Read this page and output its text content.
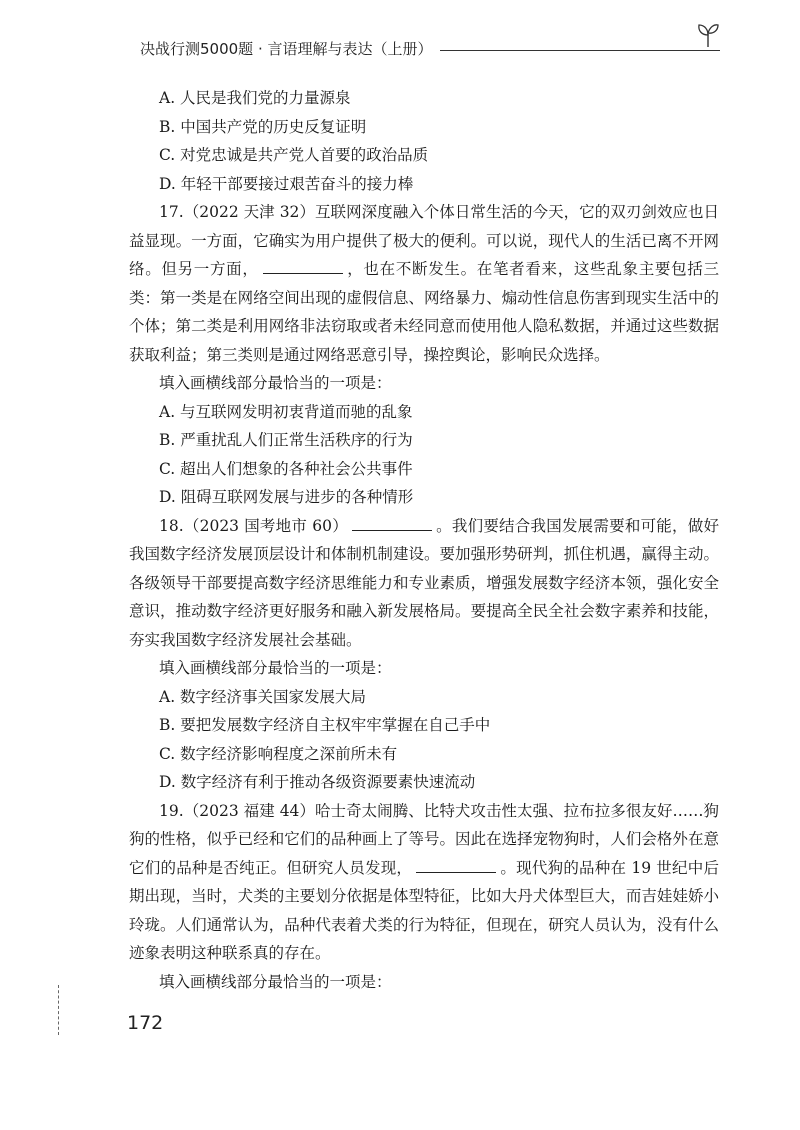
决战行测5000题 · 言语理解与表达（上册）
A. 人民是我们党的力量源泉
B. 中国共产党的历史反复证明
C. 对党忠诚是共产党人首要的政治品质
D. 年轻干部要接过艰苦奋斗的接力棒
17.（2022 天津 32）互联网深度融入个体日常生活的今天，它的双刃剑效应也日益显现。一方面，它确实为用户提供了极大的便利。可以说，现代人的生活已离不开网络。但另一方面，	，也在不断发生。在笔者看来，这些乱象主要包括三类：第一类是在网络空间出现的虚假信息、网络暴力、煽动性信息伤害到现实生活中的个体；第二类是利用网络非法窃取或者未经同意而使用他人隐私数据，并通过这些数据获取利益；第三类则是通过网络恶意引导，操控舆论，影响民众选择。
填入画横线部分最恰当的一项是：
A. 与互联网发明初衷背道而驰的乱象
B. 严重扰乱人们正常生活秩序的行为
C. 超出人们想象的各种社会公共事件
D. 阻碍互联网发展与进步的各种情形
18.（2023 国考地市 60）	。我们要结合我国发展需要和可能，做好我国数字经济发展顶层设计和体制机制建设。要加强形势研判，抓住机遇，赢得主动。各级领导干部要提高数字经济思维能力和专业素质，增强发展数字经济本领，强化安全意识，推动数字经济更好服务和融入新发展格局。要提高全民全社会数字素养和技能，夯实我国数字经济发展社会基础。
填入画横线部分最恰当的一项是：
A. 数字经济事关国家发展大局
B. 要把发展数字经济自主权牢牢掌握在自己手中
C. 数字经济影响程度之深前所未有
D. 数字经济有利于推动各级资源要素快速流动
19.（2023 福建 44）哈士奇太闹腾、比特犬攻击性太强、拉布拉多很友好……狗狗的性格，似乎已经和它们的品种画上了等号。因此在选择宠物狗时，人们会格外在意它们的品种是否纯正。但研究人员发现，	。现代狗的品种在 19 世纪中后期出现，当时，犬类的主要划分依据是体型特征，比如大丹犬体型巨大，而吉娃娃娇小玲珑。人们通常认为，品种代表着犬类的行为特征，但现在，研究人员认为，没有什么迹象表明这种联系真的存在。
填入画横线部分最恰当的一项是：
172
